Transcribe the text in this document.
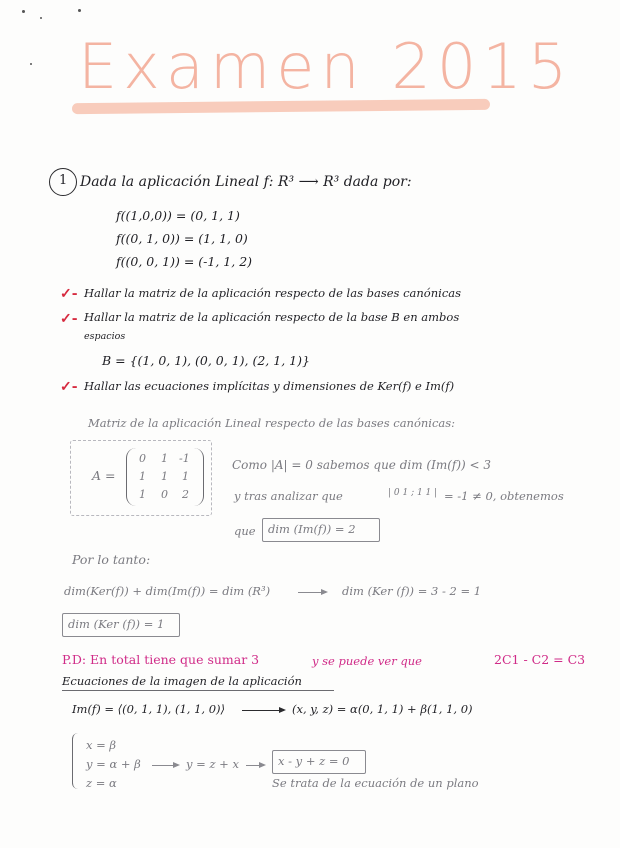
Examen 2015
1 Dada la aplicación Lineal f: R³ ⟶ R³ dada por:
f((1,0,0)) = (0, 1, 1)
f((0, 1, 0)) = (1, 1, 0)
f((0, 0, 1)) = (-1, 1, 2)
✓- Hallar la matriz de la aplicación respecto de las bases canónicas
✓- Hallar la matriz de la aplicación respecto de la base B en ambos
espacios
B = {(1, 0, 1), (0, 0, 1), (2, 1, 1)}
✓- Hallar las ecuaciones implícitas y dimensiones de Ker(f) e Im(f)
Matriz de la aplicación Lineal respecto de las bases canónicas:
A =
0 1 -1
1 1 1
1 0 2
Como |A| = 0 sabemos que dim (Im(f)) < 3
y tras analizar que	| 0 1 ; 1 1 | = -1 ≠ 0, obtenemos
que dim (Im(f)) = 2
Por lo tanto:
dim(Ker(f)) + dim(Im(f)) = dim (R³)	dim (Ker (f)) = 3 - 2 = 1
dim (Ker (f)) = 1
P.D: En total tiene que sumar 3	y se puede ver que	2C1 - C2 = C3
Ecuaciones de la imagen de la aplicación
Im(f) = ⟨(0, 1, 1), (1, 1, 0)⟩	(x, y, z) = α(0, 1, 1) + β(1, 1, 0)
x = β
y = α + β
z = α
y = z + x	x - y + z = 0
Se trata de la ecuación de un plano
